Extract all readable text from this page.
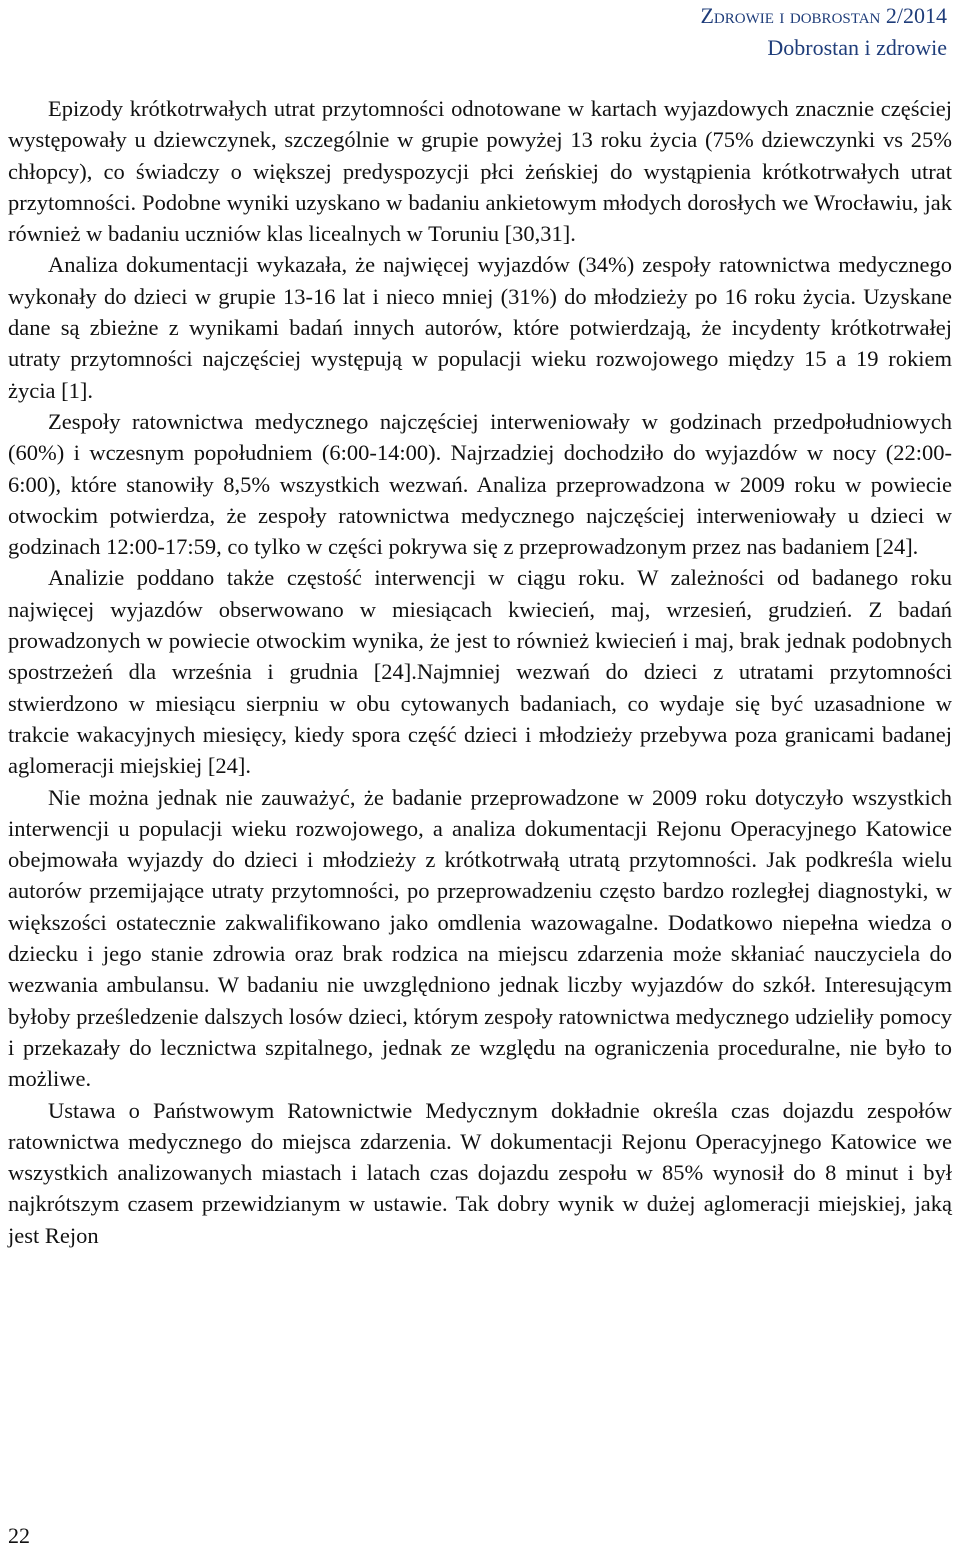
Zdrowie i dobrostan 2/2014
Dobrostan i zdrowie

Epizody krótkotrwałych utrat przytomności odnotowane w kartach wyjazdowych znacznie częściej występowały u dziewczynek, szczególnie w grupie powyżej 13 roku życia (75% dziewczynki vs 25% chłopcy), co świadczy o większej predyspozycji płci żeńskiej do wystąpienia krótkotrwałych utrat przytomności. Podobne wyniki uzyskano w badaniu ankietowym młodych dorosłych we Wrocławiu, jak również w badaniu uczniów klas licealnych w Toruniu [30,31].

Analiza dokumentacji wykazała, że najwięcej wyjazdów (34%) zespoły ratownictwa medycznego wykonały do dzieci w grupie 13-16 lat i nieco mniej (31%) do młodzieży po 16 roku życia. Uzyskane dane są zbieżne z wynikami badań innych autorów, które potwierdzają, że incydenty krótkotrwałej utraty przytomności najczęściej występują w populacji wieku rozwojowego między 15 a 19 rokiem życia [1].

Zespoły ratownictwa medycznego najczęściej interweniowały w godzinach przedpołudniowych (60%) i wczesnym popołudniem (6:00-14:00). Najrzadziej dochodziło do wyjazdów w nocy (22:00-6:00), które stanowiły 8,5% wszystkich wezwań. Analiza przeprowadzona w 2009 roku w powiecie otwockim potwierdza, że zespoły ratownictwa medycznego najczęściej interweniowały u dzieci w godzinach 12:00-17:59, co tylko w części pokrywa się z przeprowadzonym przez nas badaniem [24].

Analizie poddano także częstość interwencji w ciągu roku. W zależności od badanego roku najwięcej wyjazdów obserwowano w miesiącach kwiecień, maj, wrzesień, grudzień. Z badań prowadzonych w powiecie otwockim wynika, że jest to również kwiecień i maj, brak jednak podobnych spostrzeżeń dla września i grudnia [24].Najmniej wezwań do dzieci z utratami przytomności stwierdzono w miesiącu sierpniu w obu cytowanych badaniach, co wydaje się być uzasadnione w trakcie wakacyjnych miesięcy, kiedy spora część dzieci i młodzieży przebywa poza granicami badanej aglomeracji miejskiej [24].

Nie można jednak nie zauważyć, że badanie przeprowadzone w 2009 roku dotyczyło wszystkich interwencji u populacji wieku rozwojowego, a analiza dokumentacji Rejonu Operacyjnego Katowice obejmowała wyjazdy do dzieci i młodzieży z krótkotrwałą utratą przytomności. Jak podkreśla wielu autorów przemijające utraty przytomności, po przeprowadzeniu często bardzo rozległej diagnostyki, w większości ostatecznie zakwalifikowano jako omdlenia wazowagalne. Dodatkowo niepełna wiedza o dziecku i jego stanie zdrowia oraz brak rodzica na miejscu zdarzenia może skłaniać nauczyciela do wezwania ambulansu. W badaniu nie uwzględniono jednak liczby wyjazdów do szkół. Interesującym byłoby prześledzenie dalszych losów dzieci, którym zespoły ratownictwa medycznego udzieliły pomocy i przekazały do lecznictwa szpitalnego, jednak ze względu na ograniczenia proceduralne, nie było to możliwe.

Ustawa o Państwowym Ratownictwie Medycznym dokładnie określa czas dojazdu zespołów ratownictwa medycznego do miejsca zdarzenia. W dokumentacji Rejonu Operacyjnego Katowice we wszystkich analizowanych miastach i latach czas dojazdu zespołu w 85% wynosił do 8 minut i był najkrótszym czasem przewidzianym w ustawie. Tak dobry wynik w dużej aglomeracji miejskiej, jaką jest Rejon

22
